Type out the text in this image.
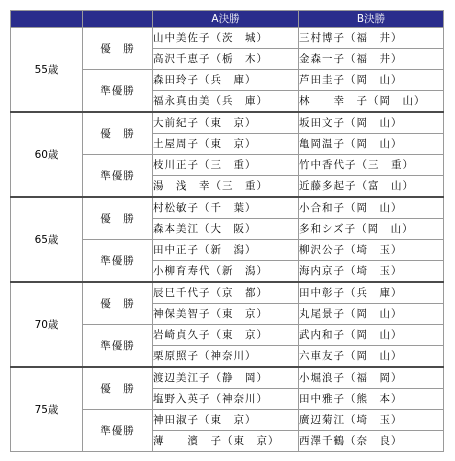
		A決勝	B決勝
55歳	優　勝	山中美佐子（茨　城）	三村博子（福　井）
		高沢千恵子（栃　木）	金森一子（福　井）
	準優勝	森田玲子（兵　庫）	芦田圭子（岡　山）
		福永真由美（兵　庫）	林　　幸　子（岡　山）
60歳	優　勝	大前紀子（東　京）	坂田文子（岡　山）
		土屋周子（東　京）	亀岡温子（岡　山）
	準優勝	枝川正子（三　重）	竹中香代子（三　重）
		湯　浅　幸（三　重）	近藤多起子（富　山）
65歳	優　勝	村松敏子（千　葉）	小合和子（岡　山）
		森本美江（大　阪）	多和シズ子（岡　山）
	準優勝	田中正子（新　潟）	柳沢公子（埼　玉）
		小柳育寿代（新　潟）	海内京子（埼　玉）
70歳	優　勝	辰巳千代子（京　都）	田中彰子（兵　庫）
		神保美智子（東　京）	丸尾景子（岡　山）
	準優勝	岩崎貞久子（東　京）	武内和子（岡　山）
		栗原照子（神奈川）	六車友子（岡　山）
75歳	優　勝	渡辺美江子（静　岡）	小堀浪子（福　岡）
		塩野入英子（神奈川）	田中雅子（熊　本）
	準優勝	神田淑子（東　京）	廣辺菊江（埼　玉）
		薄　　濱　子（東　京）	西澤千鶴（奈　良）
